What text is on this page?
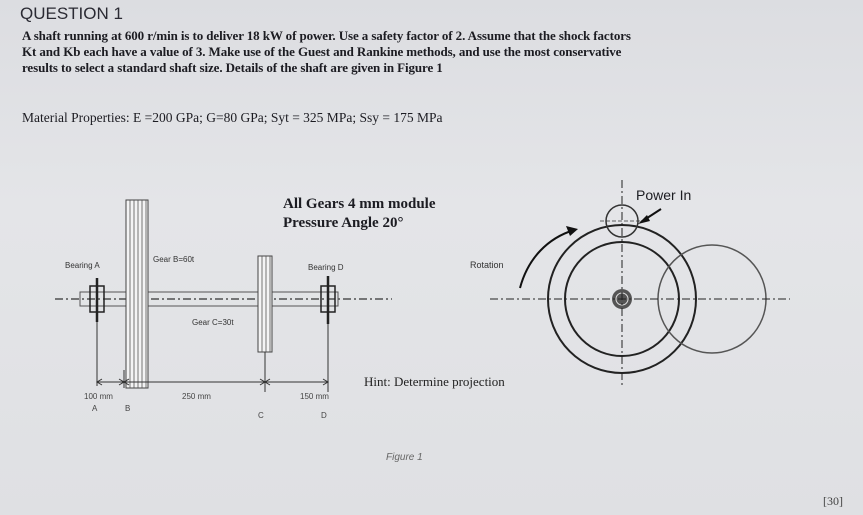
QUESTION 1
A shaft running at 600 r/min is to deliver 18 kW of power. Use a safety factor of 2. Assume that the shock factors
Kt and Kb each have a value of 3. Make use of the Guest and Rankine methods, and use the most conservative
results to select a standard shaft size. Details of the shaft are given in Figure 1
Material Properties: E =200 GPa; G=80 GPa; Syt = 325 MPa; Ssy = 175 MPa
All Gears 4 mm module
Pressure Angle 20°
Power In
Rotation
Hint: Determine projection
Bearing A
Gear B=60t
Bearing D
Gear C=30t
100 mm	250 mm	150 mm
A	B
C	D
Figure 1
[30]
